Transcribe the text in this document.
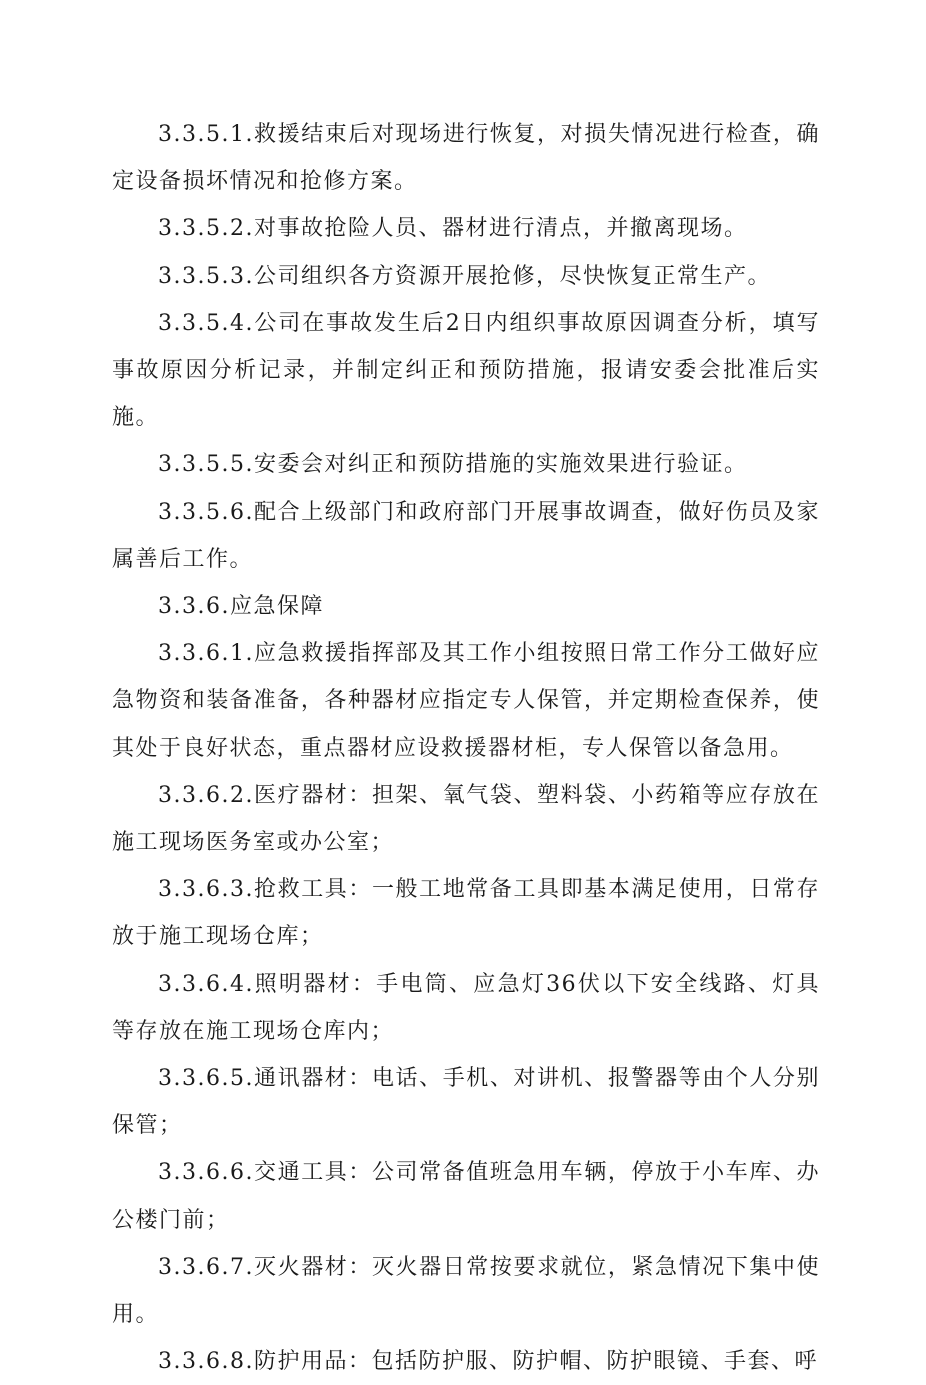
3.3.5.1.救援结束后对现场进行恢复，对损失情况进行检查，确定设备损坏情况和抢修方案。

3.3.5.2.对事故抢险人员、器材进行清点，并撤离现场。

3.3.5.3.公司组织各方资源开展抢修，尽快恢复正常生产。

3.3.5.4.公司在事故发生后2日内组织事故原因调查分析，填写事故原因分析记录，并制定纠正和预防措施，报请安委会批准后实施。

3.3.5.5.安委会对纠正和预防措施的实施效果进行验证。

3.3.5.6.配合上级部门和政府部门开展事故调查，做好伤员及家属善后工作。

3.3.6.应急保障

3.3.6.1.应急救援指挥部及其工作小组按照日常工作分工做好应急物资和装备准备，各种器材应指定专人保管，并定期检查保养，使其处于良好状态，重点器材应设救援器材柜，专人保管以备急用。

3.3.6.2.医疗器材：担架、氧气袋、塑料袋、小药箱等应存放在施工现场医务室或办公室；

3.3.6.3.抢救工具：一般工地常备工具即基本满足使用，日常存放于施工现场仓库；

3.3.6.4.照明器材：手电筒、应急灯36伏以下安全线路、灯具等存放在施工现场仓库内；

3.3.6.5.通讯器材：电话、手机、对讲机、报警器等由个人分别保管；

3.3.6.6.交通工具：公司常备值班急用车辆，停放于小车库、办公楼门前；

3.3.6.7.灭火器材：灭火器日常按要求就位，紧急情况下集中使用。

3.3.6.8.防护用品：包括防护服、防护帽、防护眼镜、手套、呼
